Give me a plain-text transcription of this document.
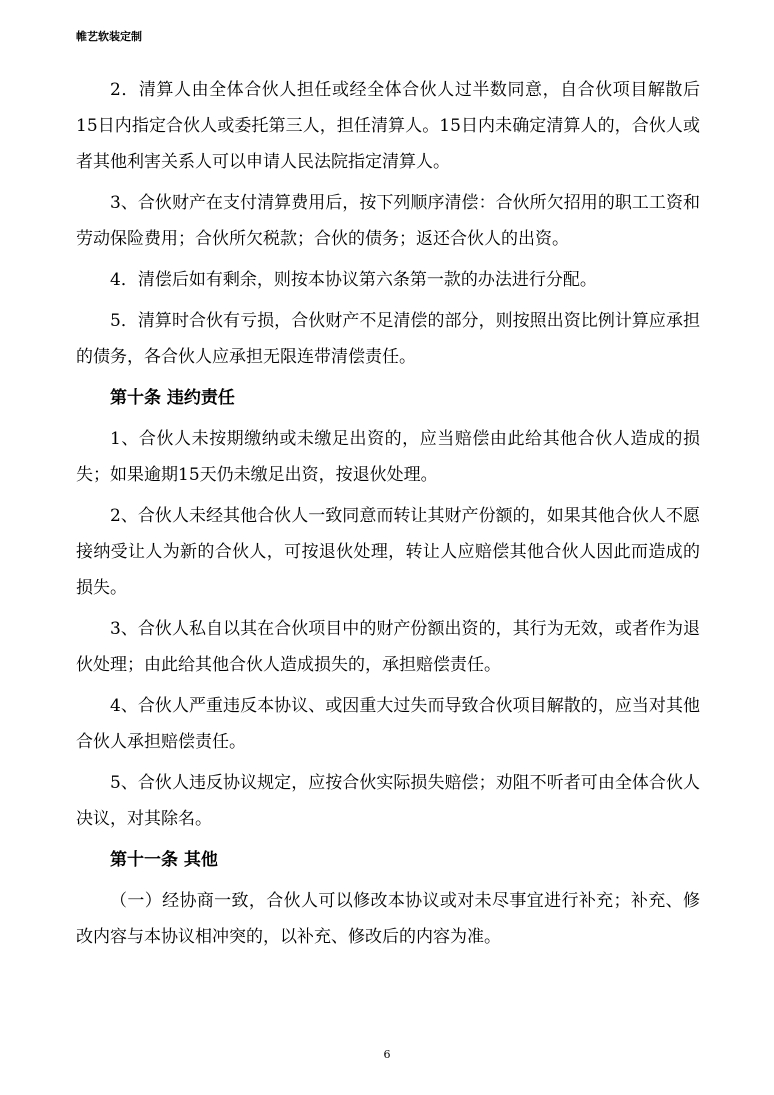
帷艺软装定制

2．清算人由全体合伙人担任或经全体合伙人过半数同意，自合伙项目解散后15日内指定合伙人或委托第三人，担任清算人。15日内未确定清算人的，合伙人或者其他利害关系人可以申请人民法院指定清算人。

3、合伙财产在支付清算费用后，按下列顺序清偿：合伙所欠招用的职工工资和劳动保险费用；合伙所欠税款；合伙的债务；返还合伙人的出资。

4．清偿后如有剩余，则按本协议第六条第一款的办法进行分配。

5．清算时合伙有亏损，合伙财产不足清偿的部分，则按照出资比例计算应承担的债务，各合伙人应承担无限连带清偿责任。

第十条 违约责任

1、合伙人未按期缴纳或未缴足出资的，应当赔偿由此给其他合伙人造成的损失；如果逾期15天仍未缴足出资，按退伙处理。

2、合伙人未经其他合伙人一致同意而转让其财产份额的，如果其他合伙人不愿接纳受让人为新的合伙人，可按退伙处理，转让人应赔偿其他合伙人因此而造成的损失。

3、合伙人私自以其在合伙项目中的财产份额出资的，其行为无效，或者作为退伙处理；由此给其他合伙人造成损失的，承担赔偿责任。

4、合伙人严重违反本协议、或因重大过失而导致合伙项目解散的，应当对其他合伙人承担赔偿责任。

5、合伙人违反协议规定，应按合伙实际损失赔偿；劝阻不听者可由全体合伙人决议，对其除名。

第十一条 其他

（一）经协商一致，合伙人可以修改本协议或对未尽事宜进行补充；补充、修改内容与本协议相冲突的，以补充、修改后的内容为准。

6
